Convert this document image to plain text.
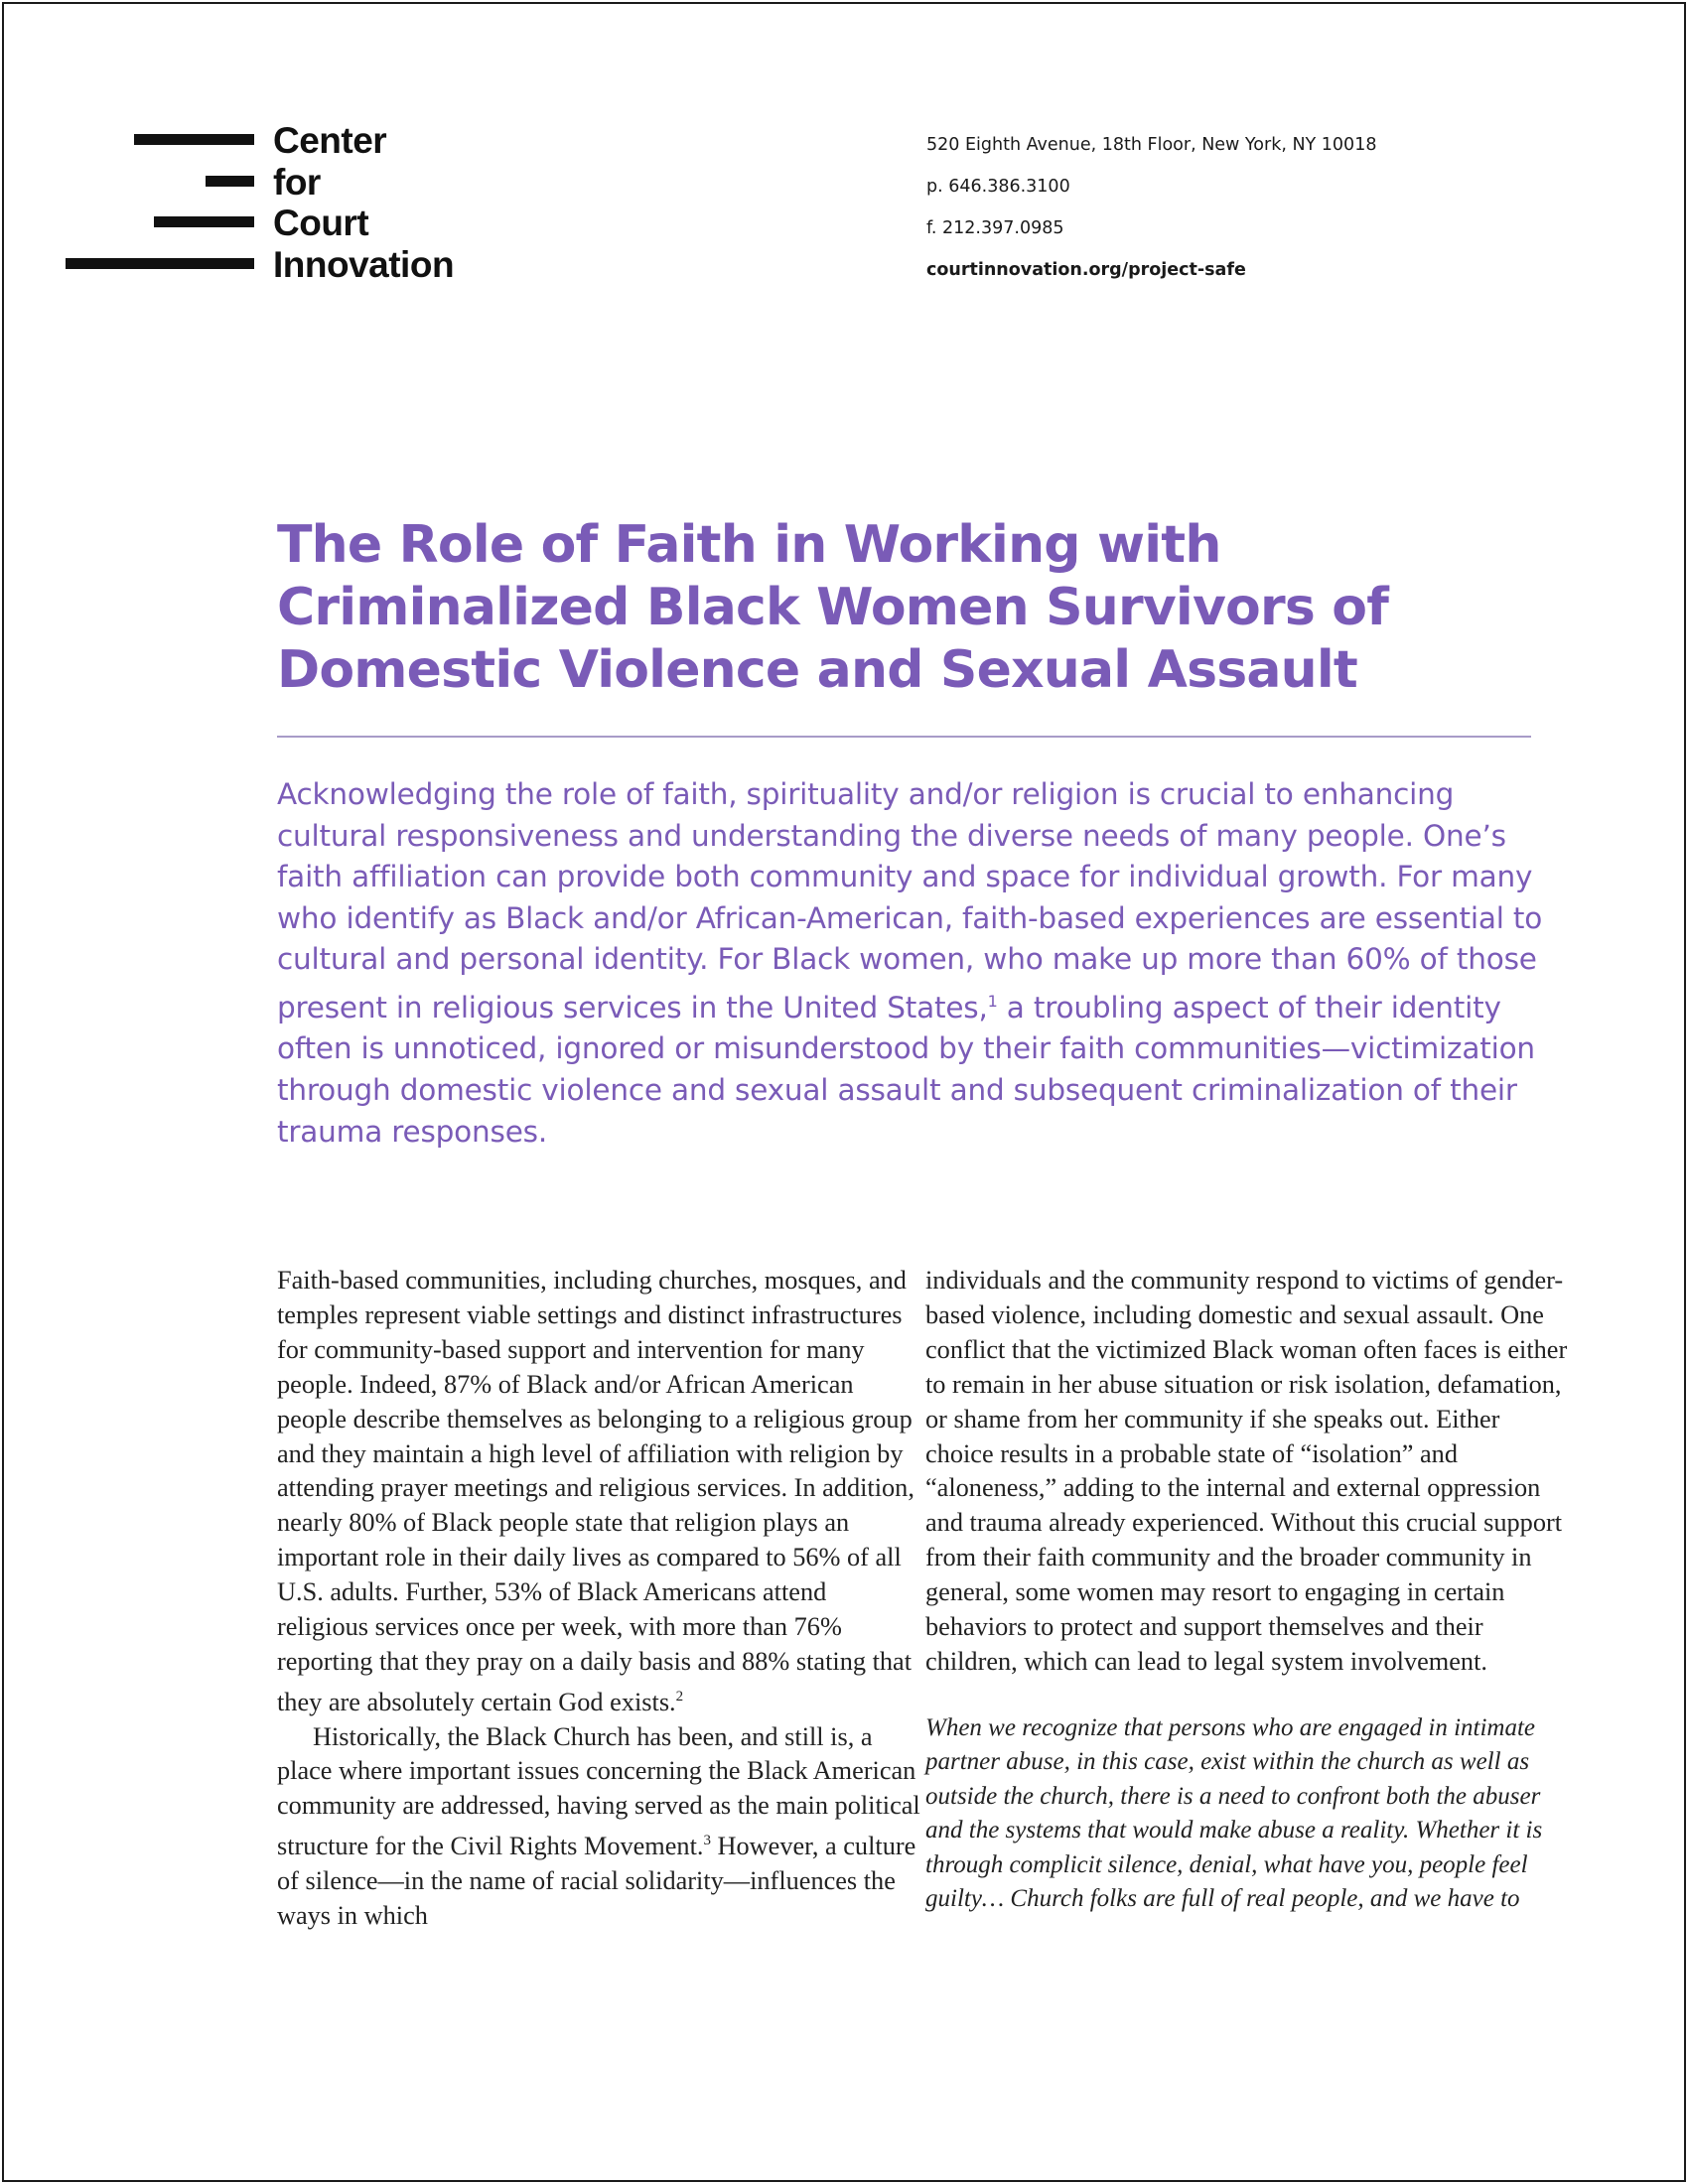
Center
for
Court
Innovation
520 Eighth Avenue, 18th Floor, New York, NY 10018
p. 646.386.3100
f. 212.397.0985
courtinnovation.org/project-safe
The Role of Faith in Working with
Criminalized Black Women Survivors of
Domestic Violence and Sexual Assault

Acknowledging the role of faith, spirituality and/or religion is crucial to enhancing cultural responsiveness and understanding the diverse needs of many people. One’s faith affiliation can provide both community and space for individual growth. For many who identify as Black and/or African-American, faith-based experiences are essential to cultural and personal identity. For Black women, who make up more than 60% of those present in religious services in the United States,$^1$ a troubling aspect of their identity often is unnoticed, ignored or misunderstood by their faith communities—victimization through domestic violence and sexual assault and subsequent criminalization of their trauma responses.

Faith-based communities, including churches, mosques, and temples represent viable settings and distinct infrastructures for community-based support and intervention for many people. Indeed, 87% of Black and/or African American people describe themselves as belonging to a religious group and they maintain a high level of affiliation with religion by attending prayer meetings and religious services. In addition, nearly 80% of Black people state that religion plays an important role in their daily lives as compared to 56% of all U.S. adults. Further, 53% of Black Americans attend religious services once per week, with more than 76% reporting that they pray on a daily basis and 88% stating that they are absolutely certain God exists.$^2$

Historically, the Black Church has been, and still is, a place where important issues concerning the Black American community are addressed, having served as the main political structure for the Civil Rights Movement.$^3$ However, a culture of silence—in the name of racial solidarity—influences the ways in which

individuals and the community respond to victims of gender-based violence, including domestic and sexual assault. One conflict that the victimized Black woman often faces is either to remain in her abuse situation or risk isolation, defamation, or shame from her community if she speaks out. Either choice results in a probable state of “isolation” and “aloneness,” adding to the internal and external oppression and trauma already experienced. Without this crucial support from their faith community and the broader community in general, some women may resort to engaging in certain behaviors to protect and support themselves and their children, which can lead to legal system involvement.

When we recognize that persons who are engaged in intimate partner abuse, in this case, exist within the church as well as outside the church, there is a need to confront both the abuser and the systems that would make abuse a reality. Whether it is through complicit silence, denial, what have you, people feel guilty… Church folks are full of real people, and we have to
